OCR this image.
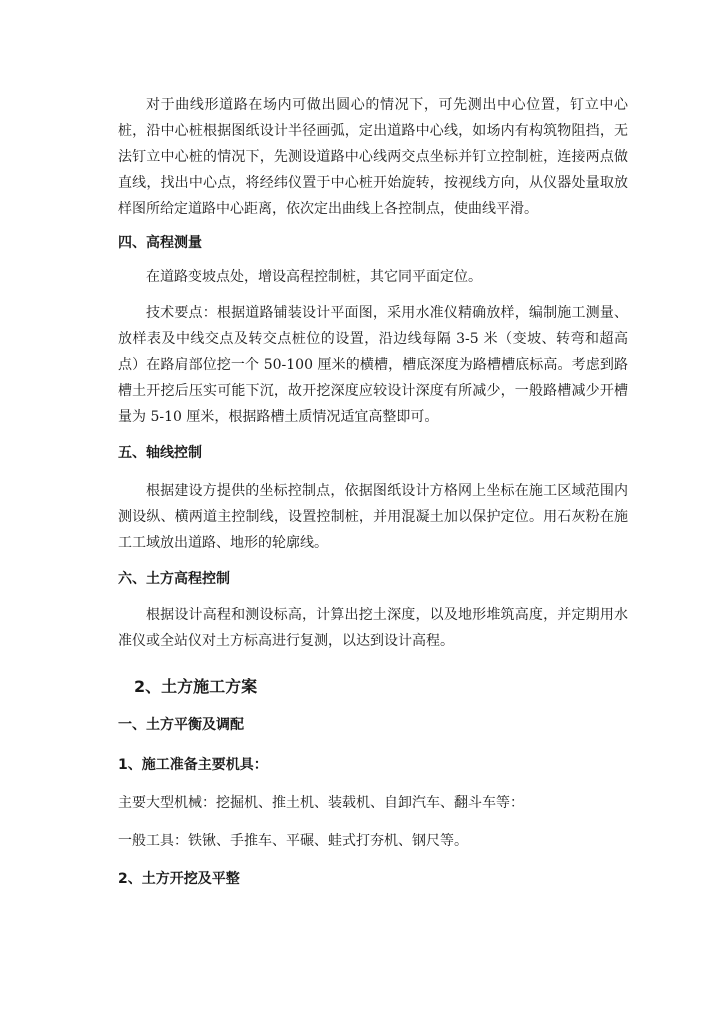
对于曲线形道路在场内可做出圆心的情况下，可先测出中心位置，钉立中心桩，沿中心桩根据图纸设计半径画弧，定出道路中心线，如场内有构筑物阻挡，无法钉立中心桩的情况下，先测设道路中心线两交点坐标并钉立控制桩，连接两点做直线，找出中心点，将经纬仪置于中心桩开始旋转，按视线方向，从仪器处量取放样图所给定道路中心距离，依次定出曲线上各控制点，使曲线平滑。

四、高程测量

在道路变坡点处，增设高程控制桩，其它同平面定位。

技术要点：根据道路铺装设计平面图，采用水准仪精确放样，编制施工测量、放样表及中线交点及转交点桩位的设置，沿边线每隔 3-5 米（变坡、转弯和超高点）在路肩部位挖一个 50-100 厘米的横槽，槽底深度为路槽槽底标高。考虑到路槽土开挖后压实可能下沉，故开挖深度应较设计深度有所减少，一般路槽减少开槽量为 5-10 厘米，根据路槽土质情况适宜高整即可。

五、轴线控制

根据建设方提供的坐标控制点，依据图纸设计方格网上坐标在施工区域范围内测设纵、横两道主控制线，设置控制桩，并用混凝土加以保护定位。用石灰粉在施工工域放出道路、地形的轮廓线。

六、土方高程控制

根据设计高程和测设标高，计算出挖土深度，以及地形堆筑高度，并定期用水准仪或全站仪对土方标高进行复测，以达到设计高程。

2、土方施工方案
一、土方平衡及调配
1、施工准备主要机具：
主要大型机械：挖掘机、推土机、装载机、自卸汽车、翻斗车等：
一般工具：铁锹、手推车、平碾、蛙式打夯机、钢尺等。
2、土方开挖及平整
